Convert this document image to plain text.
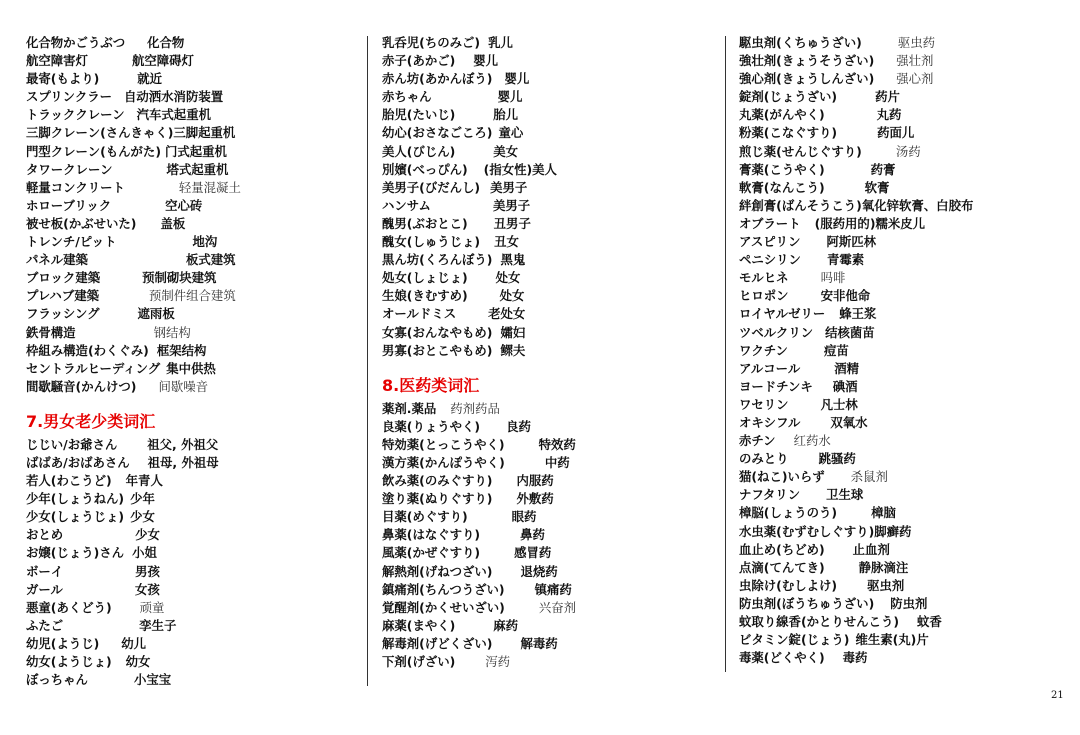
化合物かごうぶつ 化合物
航空障害灯	航空障碍灯
最寄(もより)	就近
スプリンクラー 自动洒水消防装置
トラッククレーン 汽车式起重机
三脚クレーン(さんきゃく) 三脚起重机
門型クレーン(もんがた) 门式起重机
タワークレーン	塔式起重机
軽量コンクリート	轻量混凝土
ホローブリック	空心砖
被せ板(かぶせいた) 盖板
トレンチ/ピット	地沟
パネル建築	板式建筑
ブロック建築	预制砌块建筑
プレハブ建築	预制件组合建筑
フラッシング	遮雨板
鉄骨構造	钢结构
枠組み構造(わくぐみ) 框架结构
セントラルヒーディング 集中供热
間歇騒音(かんけつ) 间歇噪音
7.男女老少类词汇
じじい/お爺さん 祖父, 外祖父
ばばあ/おばあさん 祖母, 外祖母
若人(わこうど) 年青人
少年(しょうねん) 少年
少女(しょうじょ) 少女
おとめ	少女
お嬢(じょう)さん 小姐
ボーイ	男孩
ガール	女孩
悪童(あくどう) 顽童
ふたご	孪生子
幼児(ようじ) 幼儿
幼女(ようじょ) 幼女
ぼっちゃん	小宝宝
乳呑児(ちのみご) 乳儿
赤子(あかご) 婴儿
赤ん坊(あかんぼう) 婴儿
赤ちゃん	婴儿
胎児(たいじ)	胎儿
幼心(おさなごころ) 童心
美人(びじん)	美女
別嬪(べっぴん) (指女性)美人
美男子(びだんし) 美男子
ハンサム	美男子
醜男(ぶおとこ) 丑男子
醜女(しゅうじょ) 丑女
黒ん坊(くろんぼう) 黑鬼
処女(しょじょ) 处女
生娘(きむすめ)	处女
オールドミス	老处女
女寡(おんなやもめ) 孀妇
男寡(おとこやもめ) 鳏夫
8.医药类词汇
薬剤.薬品 药剂药品
良薬(りょうやく) 良药
特効薬(とっこうやく)	特效药
漢方薬(かんぽうやく)	中药
飲み薬(のみぐすり) 内服药
塗り薬(ぬりぐすり) 外敷药
目薬(めぐすり)	眼药
鼻薬(はなぐすり)	鼻药
風薬(かぜぐすり)	感冒药
解熱剤(げねつざい) 退烧药
鎮痛剤(ちんつうざい) 镇痛药
覚醒剤(かくせいざい)	兴奋剂
麻薬(まやく)	麻药
解毒剤(げどくざい) 解毒药
下剤(げざい) 泻药
駆虫剤(くちゅうざい)	驱虫药
強壮剤(きょうそうざい) 强壮剂
強心剤(きょうしんざい) 强心剂
錠剤(じょうざい)	药片
丸薬(がんやく)	丸药
粉薬(こなぐすり)	药面儿
煎じ薬(せんじぐすり)	汤药
膏薬(こうやく)	药膏
軟膏(なんこう)	软膏
絆創膏(ばんそうこう) 氧化锌软膏、白胶布
オブラート (服药用的)糯米皮儿
アスピリン 阿斯匹林
ペニシリン 青霉素
モルヒネ	吗啡
ヒロポン	安非他命
ロイヤルゼリー 蜂王浆
ツベルクリン 结核菌苗
ワクチン	痘苗
アルコール	酒精
ヨードチンキ 碘酒
ワセリン	凡士林
オキシフル 双氧水
赤チン 红药水
のみとり 跳骚药
猫(ねこ)いらず 杀鼠剂
ナフタリン 卫生球
樟脳(しょうのう)	樟脑
水虫薬(むずむしぐすり) 脚癣药
血止め(ちどめ) 止血剂
点滴(てんてき)	静脉滴注
虫除け(むしよけ) 驱虫剂
防虫剤(ぼうちゅうざい) 防虫剂
蚊取り線香(かとりせんこう) 蚊香
ビタミン錠(じょう) 维生素(丸)片
毒薬(どくやく) 毒药
21
